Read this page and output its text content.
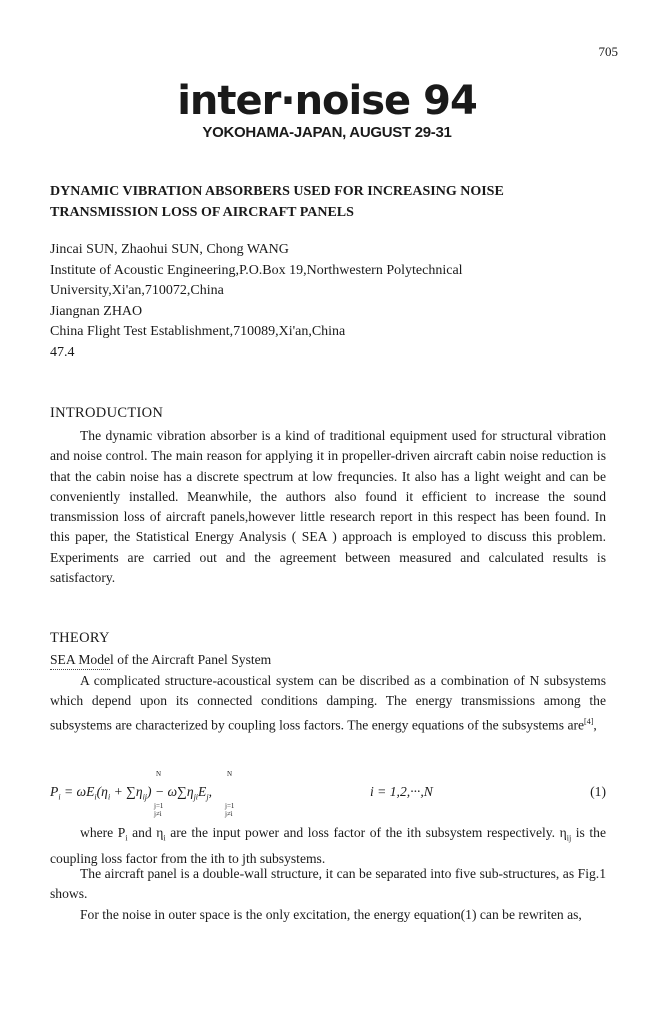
705
inter·noise 94
YOKOHAMA-JAPAN, AUGUST 29-31
DYNAMIC VIBRATION ABSORBERS USED FOR INCREASING NOISE TRANSMISSION LOSS OF AIRCRAFT PANELS
Jincai SUN, Zhaohui SUN, Chong WANG
Institute of Acoustic Engineering,P.O.Box 19,Northwestern Polytechnical
University,Xi'an,710072,China
Jiangnan ZHAO
China Flight Test Establishment,710089,Xi'an,China
47.4
INTRODUCTION

The dynamic vibration absorber is a kind of traditional equipment used for structural vibration and noise control. The main reason for applying it in propeller-driven aircraft cabin noise reduction is that the cabin noise has a discrete spectrum at low frequncies. It also has a light weight and can be conveniently installed. Meanwhile, the authors also found it efficient to increase the sound transmission loss of aircraft panels,however little research report in this respect has been found. In this paper, the Statistical Energy Analysis ( SEA ) approach is employed to discuss this problem. Experiments are carried out and the agreement between measured and calculated results is satisfactory.

THEORY
SEA Model of the Aircraft Panel System

A complicated structure-acoustical system can be discribed as a combination of N subsystems which depend upon its connected conditions damping. The energy transmissions among the subsystems are characterized by coupling loss factors. The energy equations of the subsystems are[4],

N	N
$P_i = \omega E_i(\eta_i + \sum\eta_{ij}) - \omega\sum\eta_{ji}E_j$,
j=1
j≠i
j=1
j≠i
i = 1,2,···,N	(1)

where $P_i$ and $\eta_i$ are the input power and loss factor of the ith subsystem respectively. $\eta_{ij}$ is the coupling loss factor from the ith to jth subsystems.

The aircraft panel is a double-wall structure, it can be separated into five sub-structures, as Fig.1 shows.

For the noise in outer space is the only excitation, the energy equation(1) can be rewriten as,
